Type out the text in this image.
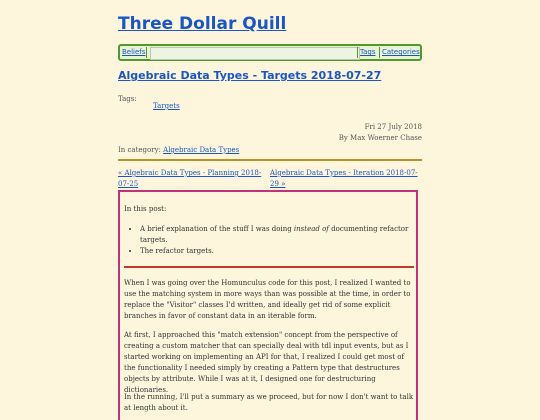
Three Dollar Quill
Beliefs	Tags Categories
Algebraic Data Types - Targets 2018-07-27
Tags:
Targets
Fri 27 July 2018
By Max Woerner Chase
In category: Algebraic Data Types
« Algebraic Data Types - Planning 2018-07-25
Algebraic Data Types - Iteration 2018-07-29 »

In this post:

• A brief explanation of the stuff I was doing instead of documenting refactor targets.
• The refactor targets.

When I was going over the Homunculus code for this post, I realized I wanted to use the matching system in more ways than was possible at the time, in order to replace the "Visitor" classes I'd written, and ideally get rid of some explicit branches in favor of constant data in an iterable form.

At first, I approached this "match extension" concept from the perspective of creating a custom matcher that can specially deal with tdl input events, but as I started working on implementing an API for that, I realized I could get most of the functionality I needed simply by creating a Pattern type that destructures objects by attribute. While I was at it, I designed one for destructuring dictionaries.

In the running, I'll put a summary as we proceed, but for now I don't want to talk at length about it.
